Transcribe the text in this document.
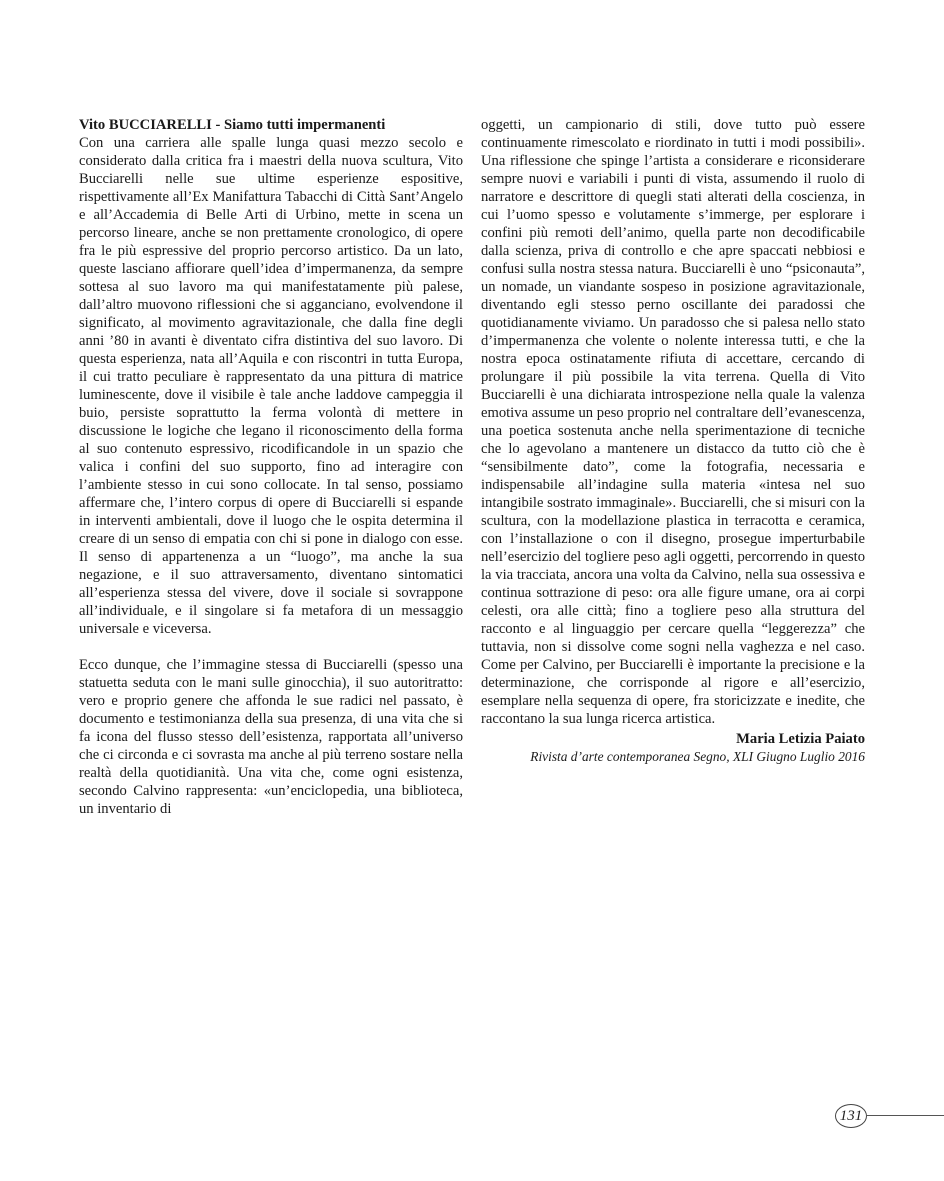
Vito BUCCIARELLI - Siamo tutti impermanenti

Con una carriera alle spalle lunga quasi mezzo secolo e considerato dalla critica fra i maestri della nuova scultura, Vito Bucciarelli nelle sue ultime esperienze espositive, rispettivamente all’Ex Manifattura Tabacchi di Città Sant’Angelo e all’Accademia di Belle Arti di Urbino, mette in scena un percorso lineare, anche se non prettamente cronologico, di opere fra le più espressive del proprio percorso artistico. Da un lato, queste lasciano affiorare quell’idea d’impermanenza, da sempre sottesa al suo lavoro ma qui manifestatamente più palese, dall’altro muovono riflessioni che si agganciano, evolvendone il significato, al movimento agravitazionale, che dalla fine degli anni ’80 in avanti è diventato cifra distintiva del suo lavoro. Di questa esperienza, nata all’Aquila e con riscontri in tutta Europa, il cui tratto peculiare è rappresentato da una pittura di matrice luminescente, dove il visibile è tale anche laddove campeggia il buio, persiste soprattutto la ferma volontà di mettere in discussione le logiche che legano il riconoscimento della forma al suo contenuto espressivo, ricodificandole in un spazio che valica i confini del suo supporto, fino ad interagire con l’ambiente stesso in cui sono collocate. In tal senso, possiamo affermare che, l’intero corpus di opere di Bucciarelli si espande in interventi ambientali, dove il luogo che le ospita determina il creare di un senso di empatia con chi si pone in dialogo con esse. Il senso di appartenenza a un “luogo”, ma anche la sua negazione, e il suo attraversamento, diventano sintomatici all’esperienza stessa del vivere, dove il sociale si sovrappone all’individuale, e il singolare si fa metafora di un messaggio universale e viceversa.

Ecco dunque, che l’immagine stessa di Bucciarelli (spesso una statuetta seduta con le mani sulle ginocchia), il suo autoritratto: vero e proprio genere che affonda le sue radici nel passato, è documento e testimonianza della sua presenza, di una vita che si fa icona del flusso stesso dell’esistenza, rapportata all’universo che ci circonda e ci sovrasta ma anche al più terreno sostare nella realtà della quotidianità. Una vita che, come ogni esistenza, secondo Calvino rappresenta: «un’enciclopedia, una biblioteca, un inventario di

oggetti, un campionario di stili, dove tutto può essere continuamente rimescolato e riordinato in tutti i modi possibili». Una riflessione che spinge l’artista a considerare e riconsiderare sempre nuovi e variabili i punti di vista, assumendo il ruolo di narratore e descrittore di quegli stati alterati della coscienza, in cui l’uomo spesso e volutamente s’immerge, per esplorare i confini più remoti dell’animo, quella parte non decodificabile dalla scienza, priva di controllo e che apre spaccati nebbiosi e confusi sulla nostra stessa natura. Bucciarelli è uno “psiconauta”, un nomade, un viandante sospeso in posizione agravitazionale, diventando egli stesso perno oscillante dei paradossi che quotidianamente viviamo. Un paradosso che si palesa nello stato d’impermanenza che volente o nolente interessa tutti, e che la nostra epoca ostinatamente rifiuta di accettare, cercando di prolungare il più possibile la vita terrena. Quella di Vito Bucciarelli è una dichiarata introspezione nella quale la valenza emotiva assume un peso proprio nel contraltare dell’evanescenza, una poetica sostenuta anche nella sperimentazione di tecniche che lo agevolano a mantenere un distacco da tutto ciò che è “sensibilmente dato”, come la fotografia, necessaria e indispensabile all’indagine sulla materia «intesa nel suo intangibile sostrato immaginale». Bucciarelli, che si misuri con la scultura, con la modellazione plastica in terracotta e ceramica, con l’installazione o con il disegno, prosegue imperturbabile nell’esercizio del togliere peso agli oggetti, percorrendo in questo la via tracciata, ancora una volta da Calvino, nella sua ossessiva e continua sottrazione di peso: ora alle figure umane, ora ai corpi celesti, ora alle città; fino a togliere peso alla struttura del racconto e al linguaggio per cercare quella “leggerezza” che tuttavia, non si dissolve come sogni nella vaghezza e nel caso. Come per Calvino, per Bucciarelli è importante la precisione e la determinazione, che corrisponde al rigore e all’esercizio, esemplare nella sequenza di opere, fra storicizzate e inedite, che raccontano la sua lunga ricerca artistica.

Maria Letizia Paiato
Rivista d’arte contemporanea Segno, XLI Giugno Luglio 2016
131
